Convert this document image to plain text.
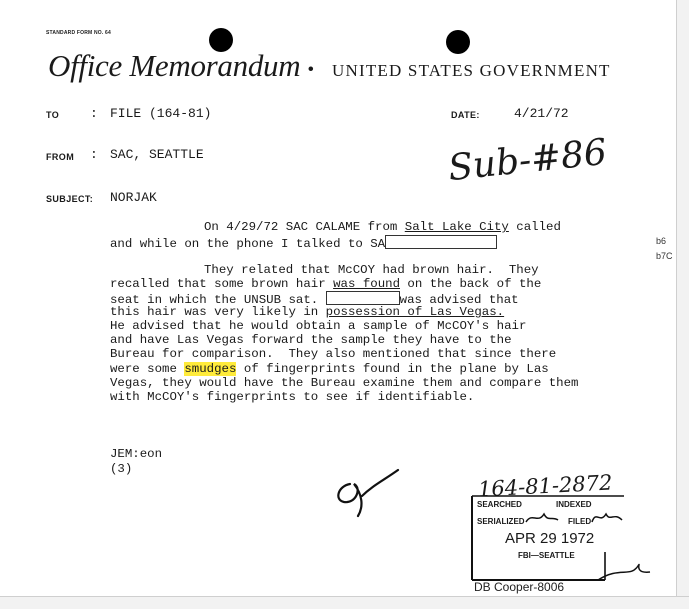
STANDARD FORM NO. 64
Office Memorandum • UNITED STATES GOVERNMENT
TO : FILE (164-81)	DATE:	4/21/72
FROM : SAC, SEATTLE	Sub-#86
SUBJECT: NORJAK
On 4/29/72 SAC CALAME from Salt Lake City called
and while on the phone I talked to SA	b6
b7C
They related that McCOY had brown hair.  They
recalled that some brown hair was found on the back of the
seat in which the UNSUB sat.	was advised that
this hair was very likely in possession of Las Vegas.
He advised that he would obtain a sample of McCOY's hair
and have Las Vegas forward the sample they have to the
Bureau for comparison.  They also mentioned that since there
were some smudges of fingerprints found in the plane by Las
Vegas, they would have the Bureau examine them and compare them
with McCOY's fingerprints to see if identifiable.
JEM:eon
(3)
164-81-2872
SEARCHED	INDEXED
SERIALIZED	FILED
APR 29 1972
FBI—SEATTLE
DB Cooper-8006
